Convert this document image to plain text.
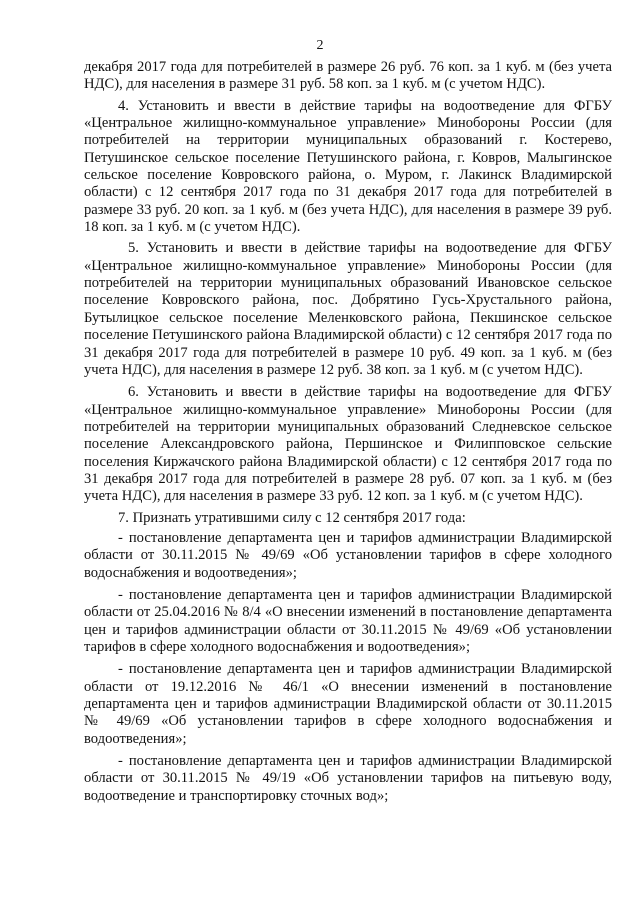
2

декабря 2017 года для потребителей в размере 26 руб. 76 коп. за 1 куб. м (без учета НДС), для населения в размере 31 руб. 58 коп. за 1 куб. м (с учетом НДС).

4. Установить и ввести в действие тарифы на водоотведение для ФГБУ «Центральное жилищно-коммунальное управление» Минобороны России (для потребителей на территории муниципальных образований г. Костерево, Петушинское сельское поселение Петушинского района, г. Ковров, Малыгинское сельское поселение Ковровского района, о. Муром, г. Лакинск Владимирской области) с 12 сентября 2017 года по 31 декабря 2017 года для потребителей в размере 33 руб. 20 коп. за 1 куб. м (без учета НДС), для населения в размере 39 руб. 18 коп. за 1 куб. м (с учетом НДС).

5. Установить и ввести в действие тарифы на водоотведение для ФГБУ «Центральное жилищно-коммунальное управление» Минобороны России (для потребителей на территории муниципальных образований Ивановское сельское поселение Ковровского района, пос. Добрятино Гусь-Хрустального района, Бутылицкое сельское поселение Меленковского района, Пекшинское сельское поселение Петушинского района Владимирской области) с 12 сентября 2017 года по 31 декабря 2017 года для потребителей в размере 10 руб. 49 коп. за 1 куб. м (без учета НДС), для населения в размере 12 руб. 38 коп. за 1 куб. м (с учетом НДС).

6. Установить и ввести в действие тарифы на водоотведение для ФГБУ «Центральное жилищно-коммунальное управление» Минобороны России (для потребителей на территории муниципальных образований Следневское сельское поселение Александровского района, Першинское и Филипповское сельские поселения Киржачского района Владимирской области) с 12 сентября 2017 года по 31 декабря 2017 года для потребителей в размере 28 руб. 07 коп. за 1 куб. м (без учета НДС), для населения в размере 33 руб. 12 коп. за 1 куб. м (с учетом НДС).

7. Признать утратившими силу с 12 сентября 2017 года:

- постановление департамента цен и тарифов администрации Владимирской области от 30.11.2015 № 49/69 «Об установлении тарифов в сфере холодного водоснабжения и водоотведения»;

- постановление департамента цен и тарифов администрации Владимирской области от 25.04.2016 № 8/4 «О внесении изменений в постановление департамента цен и тарифов администрации области от 30.11.2015 № 49/69 «Об установлении тарифов в сфере холодного водоснабжения и водоотведения»;

- постановление департамента цен и тарифов администрации Владимирской области от 19.12.2016 № 46/1 «О внесении изменений в постановление департамента цен и тарифов администрации Владимирской области от 30.11.2015 № 49/69 «Об установлении тарифов в сфере холодного водоснабжения и водоотведения»;

- постановление департамента цен и тарифов администрации Владимирской области от 30.11.2015 № 49/19 «Об установлении тарифов на питьевую воду, водоотведение и транспортировку сточных вод»;
